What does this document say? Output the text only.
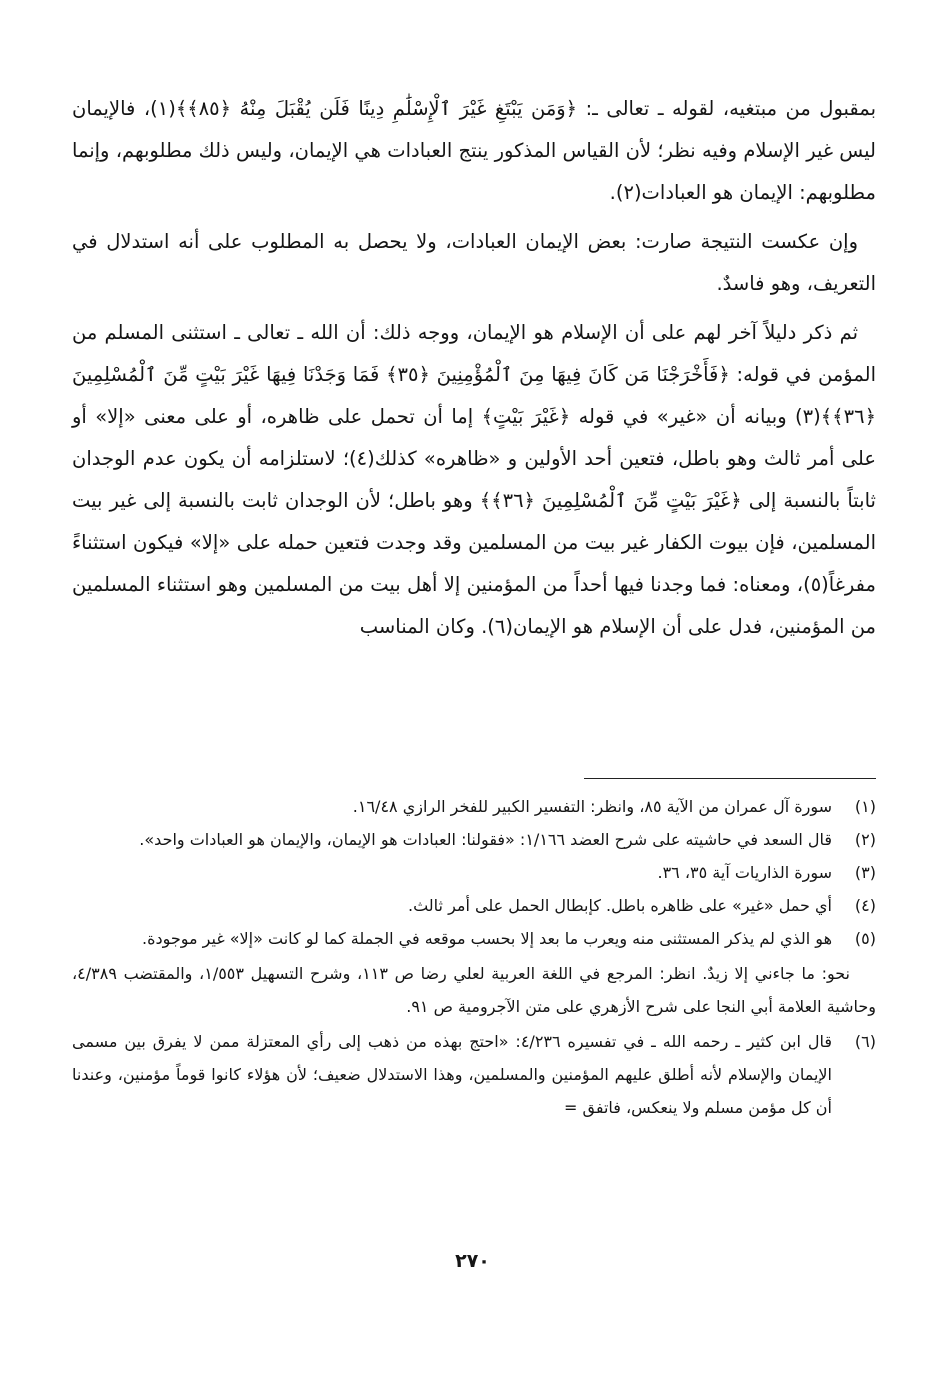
بمقبول من مبتغيه، لقوله ـ تعالى ـ: ﴿وَمَن يَبْتَغِ غَيْرَ ٱلْإِسْلَٰمِ دِينًا فَلَن يُقْبَلَ مِنْهُ ﴿٨٥﴾﴾(١)، فالإيمان ليس غير الإسلام وفيه نظر؛ لأن القياس المذكور ينتج العبادات هي الإيمان، وليس ذلك مطلوبهم، وإنما مطلوبهم: الإيمان هو العبادات(٢).

وإن عكست النتيجة صارت: بعض الإيمان العبادات، ولا يحصل به المطلوب على أنه استدلال في التعريف، وهو فاسدٌ.

ثم ذكر دليلاً آخر لهم على أن الإسلام هو الإيمان، ووجه ذلك: أن الله ـ تعالى ـ استثنى المسلم من المؤمن في قوله: ﴿فَأَخْرَجْنَا مَن كَانَ فِيهَا مِنَ ٱلْمُؤْمِنِينَ ﴿٣٥﴾ فَمَا وَجَدْنَا فِيهَا غَيْرَ بَيْتٍ مِّنَ ٱلْمُسْلِمِينَ ﴿٣٦﴾﴾(٣) وبيانه أن «غير» في قوله ﴿غَيْرَ بَيْتٍ﴾ إما أن تحمل على ظاهره، أو على معنى «إلا» أو على أمر ثالث وهو باطل، فتعين أحد الأولين و «ظاهره» كذلك(٤)؛ لاستلزامه أن يكون عدم الوجدان ثابتاً بالنسبة إلى ﴿غَيْرَ بَيْتٍ مِّنَ ٱلْمُسْلِمِينَ ﴿٣٦﴾﴾ وهو باطل؛ لأن الوجدان ثابت بالنسبة إلى غير بيت المسلمين، فإن بيوت الكفار غير بيت من المسلمين وقد وجدت فتعين حمله على «إلا» فيكون استثناءً مفرغاً(٥)، ومعناه: فما وجدنا فيها أحداً من المؤمنين إلا أهل بيت من المسلمين وهو استثناء المسلمين من المؤمنين، فدل على أن الإسلام هو الإيمان(٦). وكان المناسب

(١)
سورة آل عمران من الآية ٨٥، وانظر: التفسير الكبير للفخر الرازي ١٦/٤٨.
(٢)
قال السعد في حاشيته على شرح العضد ١/١٦٦: «فقولنا: العبادات هو الإيمان، والإيمان هو العبادات واحد».
(٣)
سورة الذاريات آية ٣٥، ٣٦.
(٤)
أي حمل «غير» على ظاهره باطل. كإبطال الحمل على أمر ثالث.
(٥)
هو الذي لم يذكر المستثنى منه ويعرب ما بعد إلا بحسب موقعه في الجملة كما لو كانت «إلا» غير موجودة.
نحو: ما جاءني إلا زيدٌ. انظر: المرجع في اللغة العربية لعلي رضا ص ١١٣، وشرح التسهيل ١/٥٥٣، والمقتضب ٤/٣٨٩، وحاشية العلامة أبي النجا على شرح الأزهري على متن الآجرومية ص ٩١.
(٦)
قال ابن كثير ـ رحمه الله ـ في تفسيره ٤/٢٣٦: «احتج بهذه من ذهب إلى رأي المعتزلة ممن لا يفرق بين مسمى الإيمان والإسلام لأنه أطلق عليهم المؤمنين والمسلمين، وهذا الاستدلال ضعيف؛ لأن هؤلاء كانوا قوماً مؤمنين، وعندنا أن كل مؤمن مسلم ولا ينعكس، فاتفق =
٢٧٠
